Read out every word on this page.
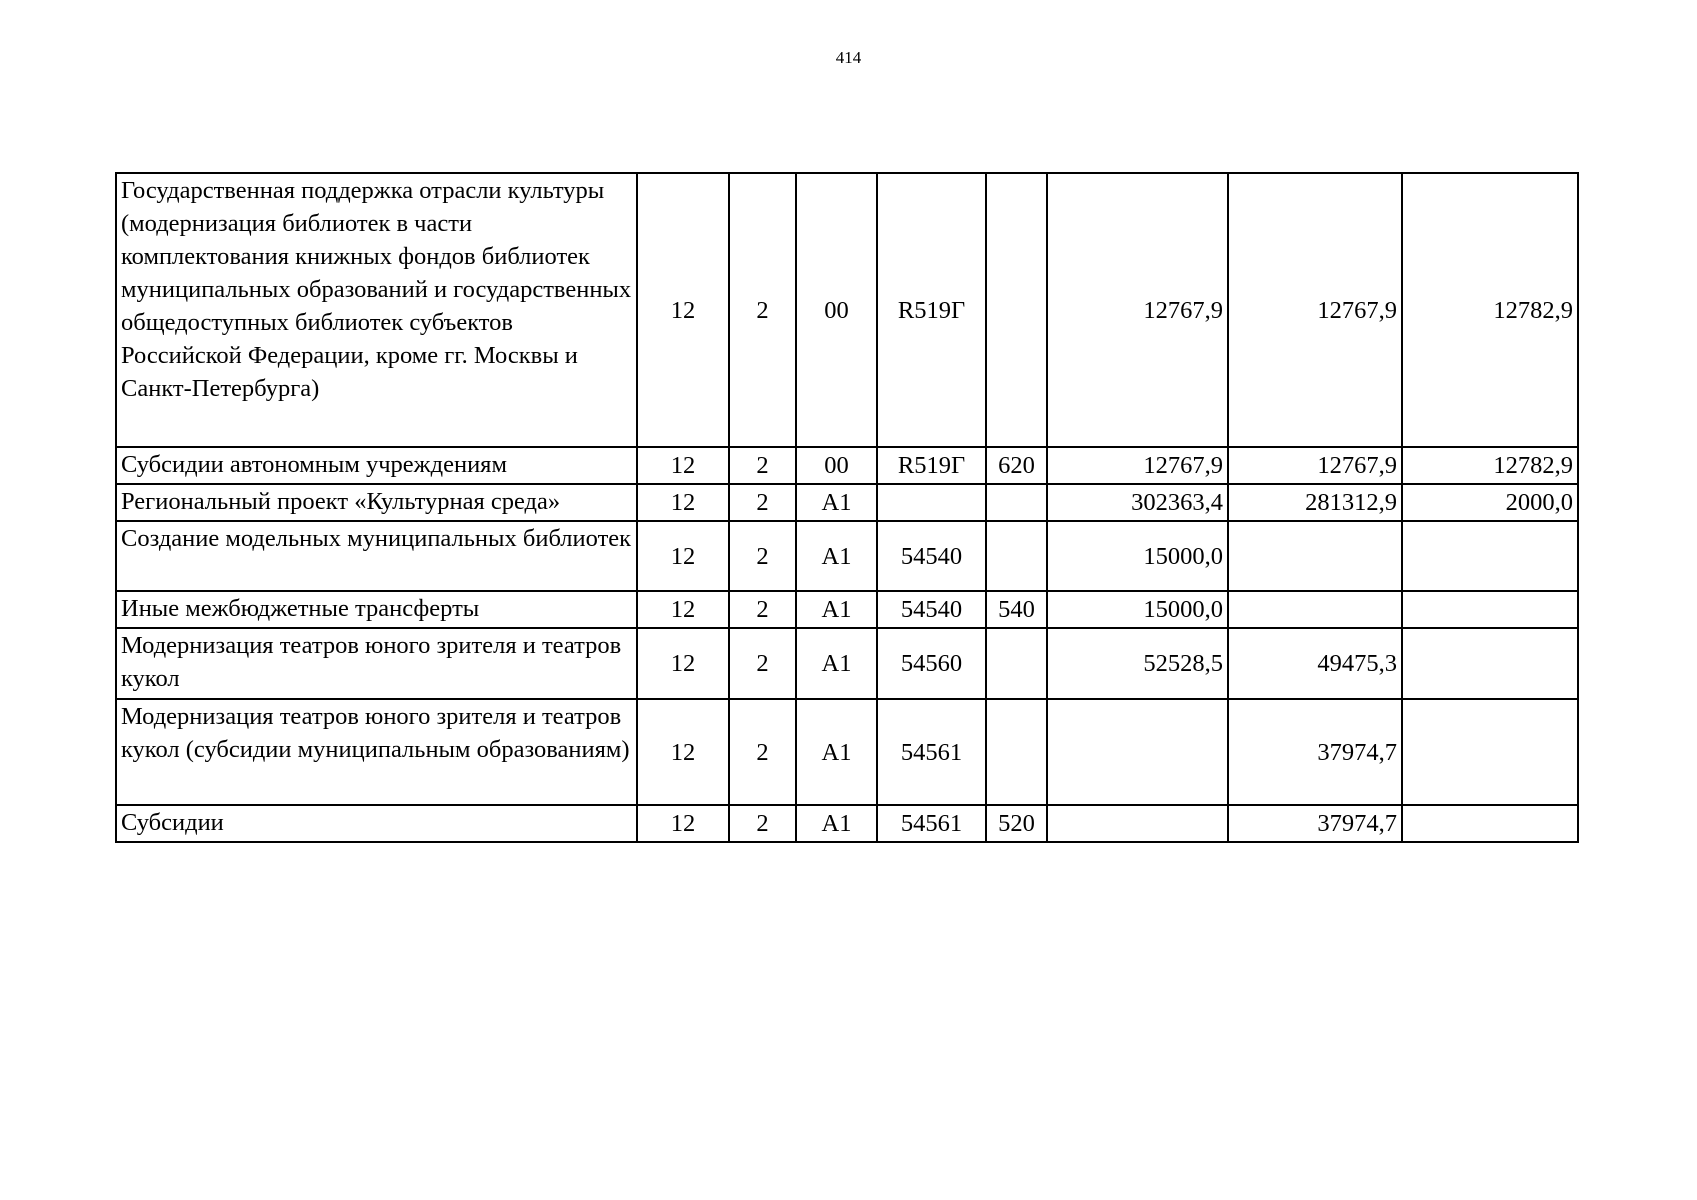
414
Государственная поддержка отрасли культуры (модернизация библиотек в части комплектования книжных фондов библиотек муниципальных образований и государственных общедоступных библиотек субъектов Российской Федерации, кроме гг. Москвы и Санкт-Петербурга)	12	2	00	R519Г		12767,9	12767,9	12782,9
Субсидии автономным учреждениям	12	2	00	R519Г	620	12767,9	12767,9	12782,9
Региональный проект «Культурная среда»	12	2	A1			302363,4	281312,9	2000,0
Создание модельных муниципальных библиотек	12	2	A1	54540		15000,0		
Иные межбюджетные трансферты	12	2	A1	54540	540	15000,0		
Модернизация театров юного зрителя и театров кукол	12	2	A1	54560		52528,5	49475,3	
Модернизация театров юного зрителя и театров кукол (субсидии муниципальным образованиям)	12	2	A1	54561			37974,7	
Субсидии	12	2	A1	54561	520		37974,7	
